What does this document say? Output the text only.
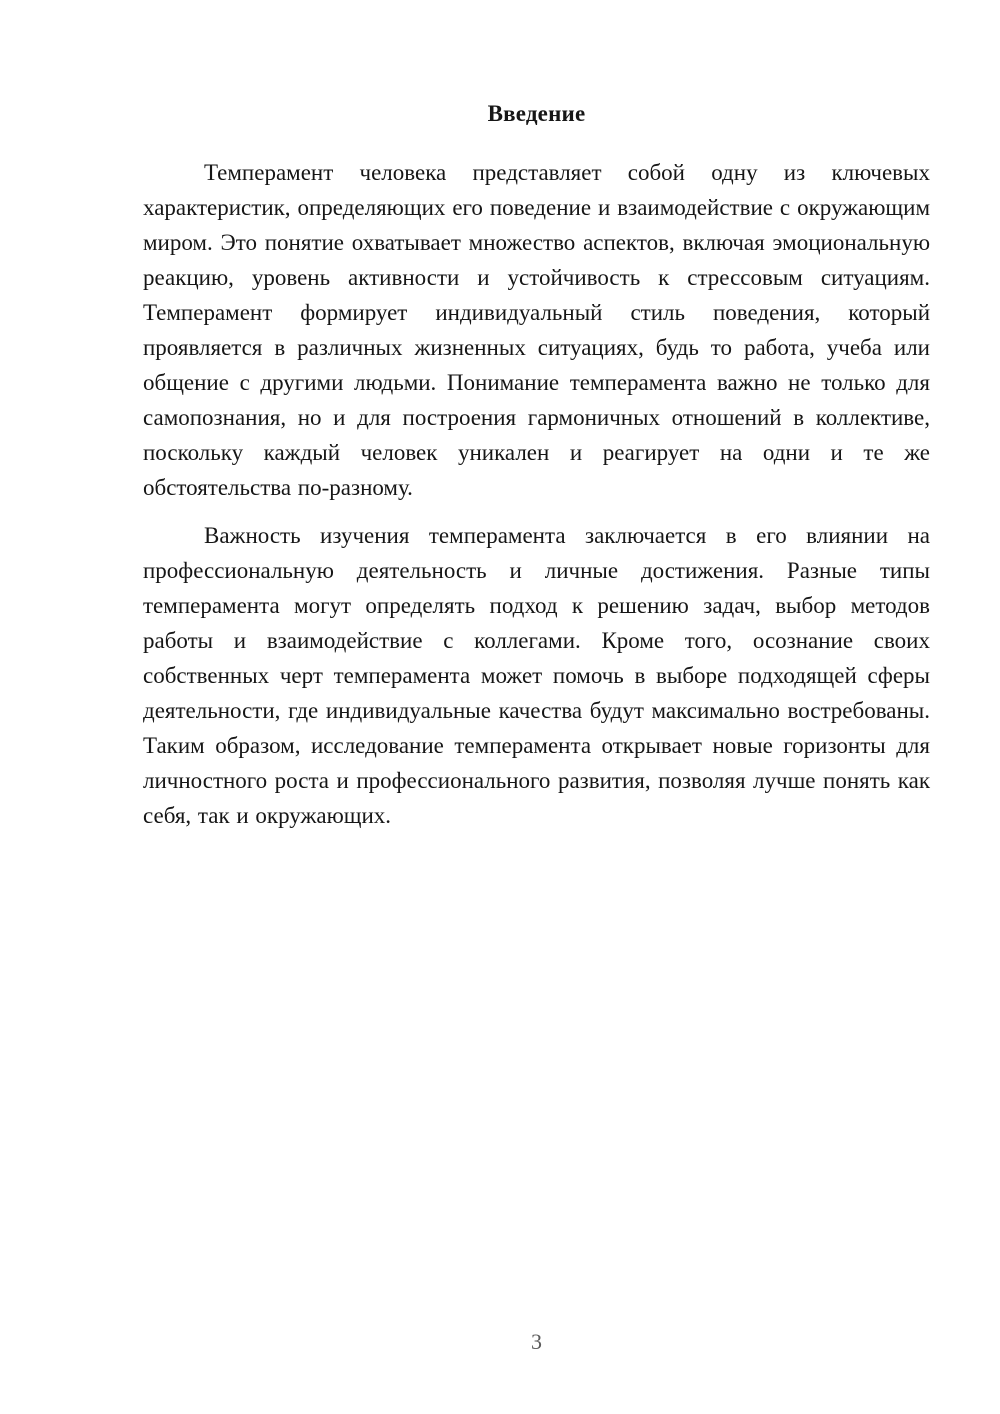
Введение

Темперамент человека представляет собой одну из ключевых характеристик, определяющих его поведение и взаимодействие с окружающим миром. Это понятие охватывает множество аспектов, включая эмоциональную реакцию, уровень активности и устойчивость к стрессовым ситуациям. Темперамент формирует индивидуальный стиль поведения, который проявляется в различных жизненных ситуациях, будь то работа, учеба или общение с другими людьми. Понимание темперамента важно не только для самопознания, но и для построения гармоничных отношений в коллективе, поскольку каждый человек уникален и реагирует на одни и те же обстоятельства по-разному.

Важность изучения темперамента заключается в его влиянии на профессиональную деятельность и личные достижения. Разные типы темперамента могут определять подход к решению задач, выбор методов работы и взаимодействие с коллегами. Кроме того, осознание своих собственных черт темперамента может помочь в выборе подходящей сферы деятельности, где индивидуальные качества будут максимально востребованы. Таким образом, исследование темперамента открывает новые горизонты для личностного роста и профессионального развития, позволяя лучше понять как себя, так и окружающих.

3
